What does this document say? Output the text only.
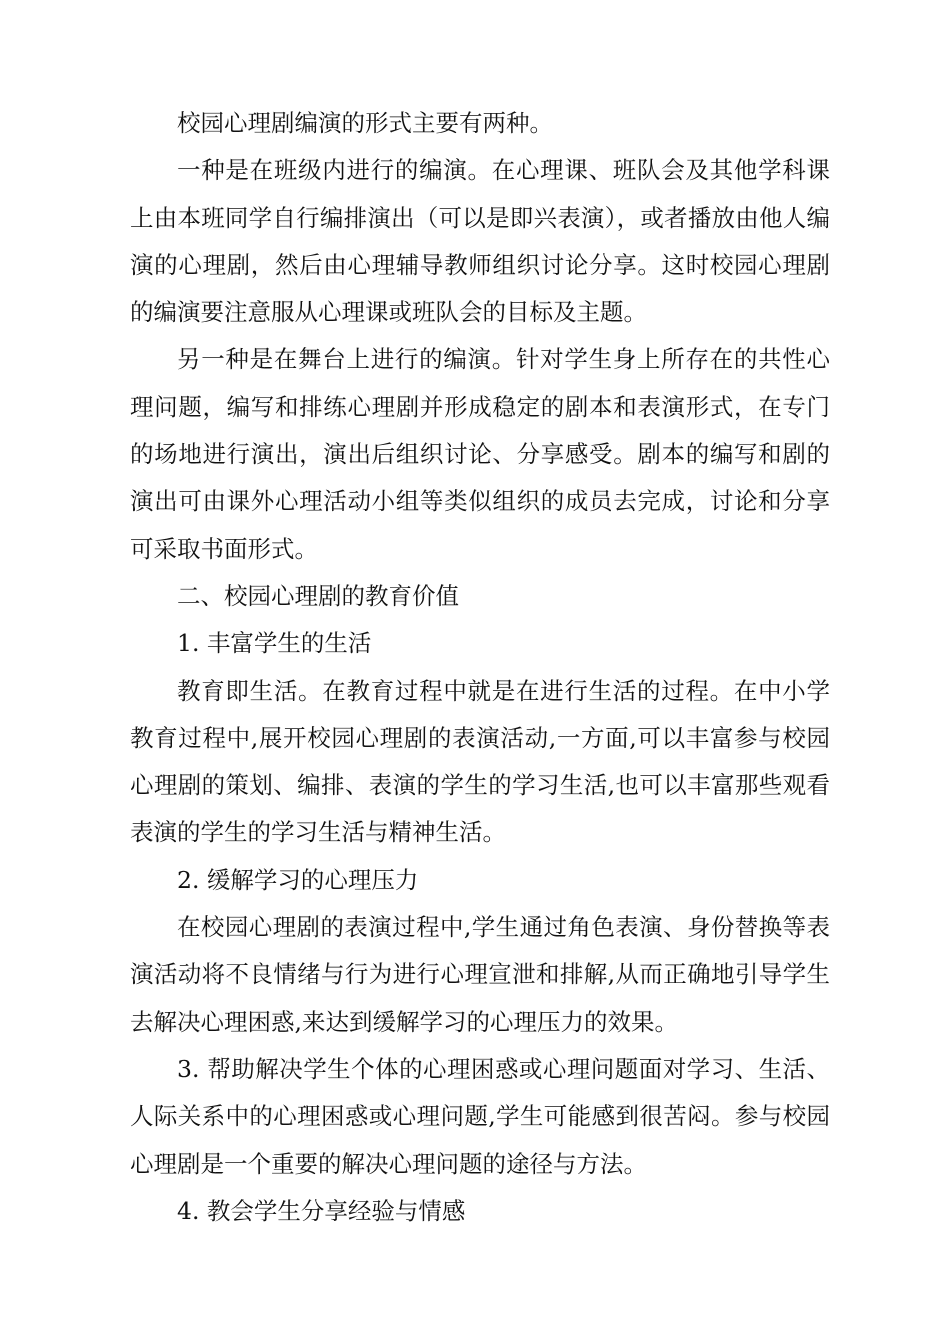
校园心理剧编演的形式主要有两种。

一种是在班级内进行的编演。在心理课、班队会及其他学科课上由本班同学自行编排演出（可以是即兴表演），或者播放由他人编演的心理剧，然后由心理辅导教师组织讨论分享。这时校园心理剧的编演要注意服从心理课或班队会的目标及主题。

另一种是在舞台上进行的编演。针对学生身上所存在的共性心理问题，编写和排练心理剧并形成稳定的剧本和表演形式，在专门的场地进行演出，演出后组织讨论、分享感受。剧本的编写和剧的演出可由课外心理活动小组等类似组织的成员去完成，讨论和分享可采取书面形式。

二、校园心理剧的教育价值

1. 丰富学生的生活

教育即生活。在教育过程中就是在进行生活的过程。在中小学教育过程中,展开校园心理剧的表演活动,一方面,可以丰富参与校园心理剧的策划、编排、表演的学生的学习生活,也可以丰富那些观看表演的学生的学习生活与精神生活。

2. 缓解学习的心理压力

在校园心理剧的表演过程中,学生通过角色表演、身份替换等表演活动将不良情绪与行为进行心理宣泄和排解,从而正确地引导学生去解决心理困惑,来达到缓解学习的心理压力的效果。

3. 帮助解决学生个体的心理困惑或心理问题面对学习、生活、人际关系中的心理困惑或心理问题,学生可能感到很苦闷。参与校园心理剧是一个重要的解决心理问题的途径与方法。

4. 教会学生分享经验与情感
